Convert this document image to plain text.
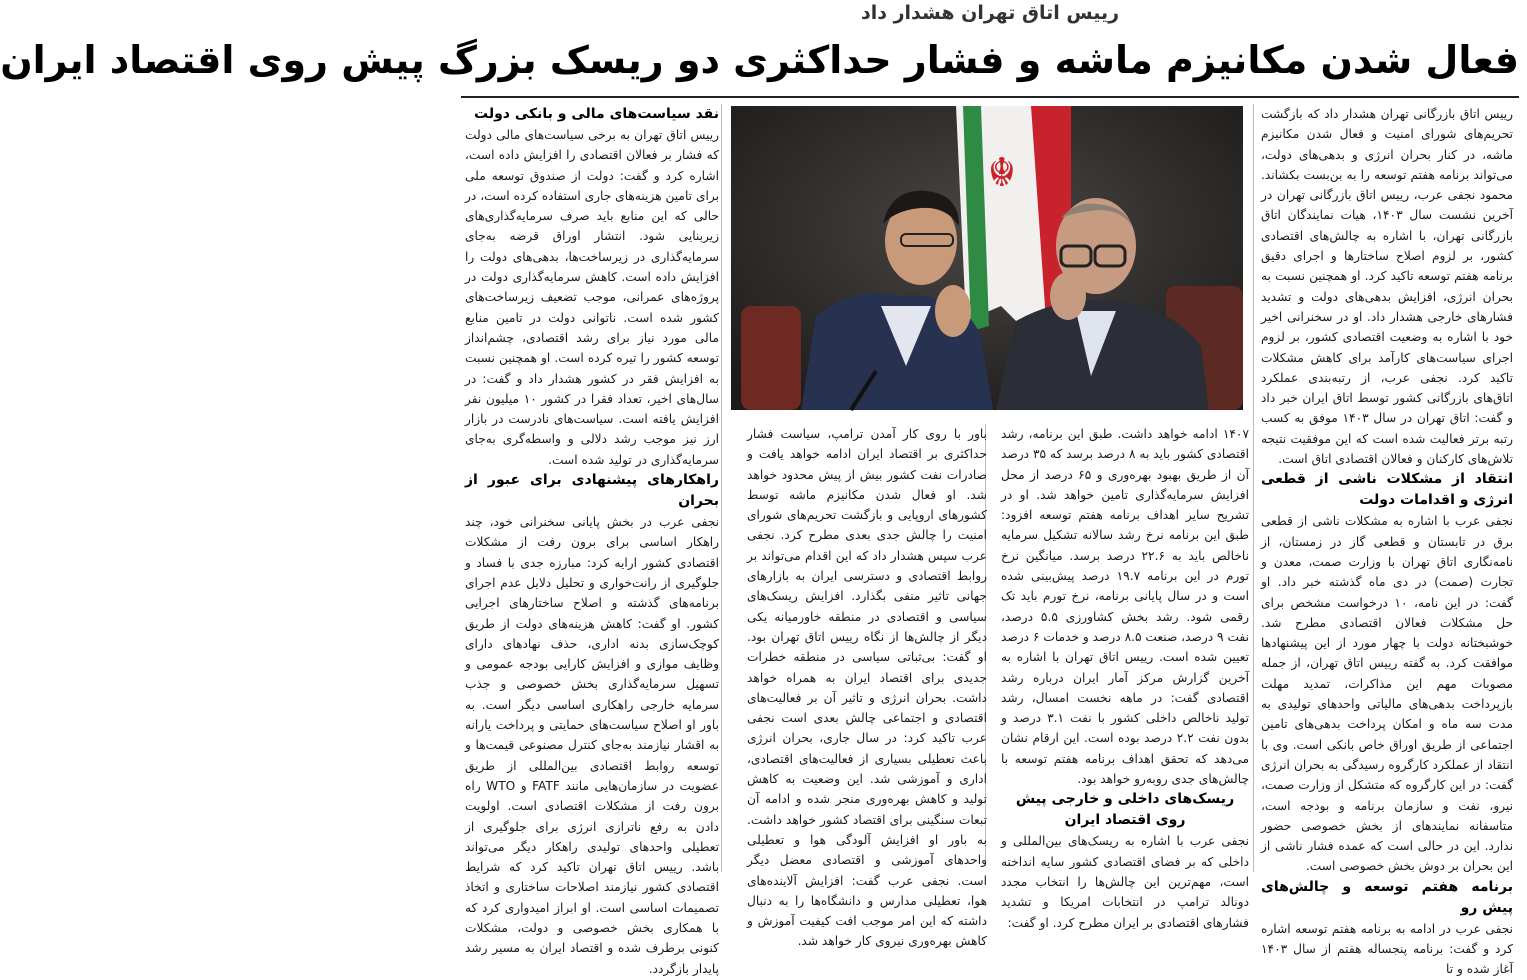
رییس اتاق تهران هشدار داد
فعال شدن مکانیزم ماشه و فشار حداکثری دو ریسک بزرگ پیش روی اقتصاد ایران

رییس اتاق بازرگانی تهران هشدار داد که بازگشت تحریم‌های شورای امنیت و فعال شدن مکانیزم ماشه، در کنار بحران انرژی و بدهی‌های دولت، می‌تواند برنامه هفتم توسعه را به بن‌بست بکشاند. محمود نجفی عرب، رییس اتاق بازرگانی تهران در آخرین نشست سال ۱۴۰۳، هیات نمایندگان اتاق بازرگانی تهران، با اشاره به چالش‌های اقتصادی کشور، بر لزوم اصلاح ساختارها و اجرای دقیق برنامه هفتم توسعه تاکید کرد. او همچنین نسبت به بحران انرژی، افزایش بدهی‌های دولت و تشدید فشارهای خارجی هشدار داد. او در سخنرانی اخیر خود با اشاره به وضعیت اقتصادی کشور، بر لزوم اجرای سیاست‌های کارآمد برای کاهش مشکلات تاکید کرد. نجفی عرب، از رتبه‌بندی عملکرد اتاق‌های بازرگانی کشور توسط اتاق ایران خبر داد و گفت: اتاق تهران در سال ۱۴۰۳ موفق به کسب رتبه برتر فعالیت شده است که این موفقیت نتیجه تلاش‌های کارکنان و فعالان اقتصادی اتاق است.

انتقاد از مشکلات ناشی از قطعی انرژی و اقدامات دولت

نجفی عرب با اشاره به مشکلات ناشی از قطعی برق در تابستان و قطعی گاز در زمستان، از نامه‌نگاری اتاق تهران با وزارت صمت، معدن و تجارت (صمت) در دی ماه گذشته خبر داد. او گفت: در این نامه، ۱۰ درخواست مشخص برای حل مشکلات فعالان اقتصادی مطرح شد. خوشبختانه دولت با چهار مورد از این پیشنهادها موافقت کرد. به گفته رییس اتاق تهران، از جمله مصوبات مهم این مذاکرات، تمدید مهلت بازپرداخت بدهی‌های مالیاتی واحدهای تولیدی به مدت سه ماه و امکان پرداخت بدهی‌های تامین اجتماعی از طریق اوراق خاص بانکی است. وی با انتقاد از عملکرد کارگروه رسیدگی به بحران انرژی گفت: در این کارگروه که متشکل از وزارت صمت، نیرو، نفت و سازمان برنامه و بودجه است، متاسفانه نمایندهای از بخش خصوصی حضور ندارد. این در حالی است که عمده فشار ناشی از این بحران بر دوش بخش خصوصی است.

برنامه هفتم توسعه و چالش‌های پیش رو

نجفی عرب در ادامه به برنامه هفتم توسعه اشاره کرد و گفت: برنامه پنجساله هفتم از سال ۱۴۰۳ آغاز شده و تا

☬

۱۴۰۷ ادامه خواهد داشت. طبق این برنامه، رشد اقتصادی کشور باید به ۸ درصد برسد که ۳۵ درصد آن از طریق بهبود بهره‌وری و ۶۵ درصد از محل افزایش سرمایه‌گذاری تامین خواهد شد. او در تشریح سایر اهداف برنامه هفتم توسعه افزود: طبق این برنامه نرخ رشد سالانه تشکیل سرمایه ناخالص باید به ۲۲.۶ درصد برسد. میانگین نرخ تورم در این برنامه ۱۹.۷ درصد پیش‌بینی شده است و در سال پایانی برنامه، نرخ تورم باید تک رقمی شود. رشد بخش کشاورزی ۵.۵ درصد، نفت ۹ درصد، صنعت ۸.۵ درصد و خدمات ۶ درصد تعیین شده است. رییس اتاق تهران با اشاره به آخرین گزارش مرکز آمار ایران درباره رشد اقتصادی گفت: در ماهه نخست امسال، رشد تولید ناخالص داخلی کشور با نفت ۳.۱ درصد و بدون نفت ۲.۲ درصد بوده است. این ارقام نشان می‌دهد که تحقق اهداف برنامه هفتم توسعه با چالش‌های جدی روبه‌رو خواهد بود.

ریسک‌های داخلی و خارجی پیش روی اقتصاد ایران

نجفی عرب با اشاره به ریسک‌های بین‌المللی و داخلی که بر فضای اقتصادی کشور سایه انداخته است، مهم‌ترین این چالش‌ها را انتخاب مجدد دونالد ترامپ در انتخابات امریکا و تشدید فشارهای اقتصادی بر ایران مطرح کرد. او گفت:

باور با روی کار آمدن ترامپ، سیاست فشار حداکثری بر اقتصاد ایران ادامه خواهد یافت و صادرات نفت کشور بیش از پیش محدود خواهد شد. او فعال شدن مکانیزم ماشه توسط کشورهای اروپایی و بازگشت تحریم‌های شورای امنیت را چالش جدی بعدی مطرح کرد. نجفی عرب سپس هشدار داد که این اقدام می‌تواند بر روابط اقتصادی و دسترسی ایران به بازارهای جهانی تاثیر منفی بگذارد. افزایش ریسک‌های سیاسی و اقتصادی در منطقه خاورمیانه یکی دیگر از چالش‌ها از نگاه رییس اتاق تهران بود. او گفت: بی‌ثباتی سیاسی در منطقه خطرات جدیدی برای اقتصاد ایران به همراه خواهد داشت. بحران انرژی و تاثیر آن بر فعالیت‌های اقتصادی و اجتماعی چالش بعدی است نجفی عرب تاکید کرد: در سال جاری، بحران انرژی باعث تعطیلی بسیاری از فعالیت‌های اقتصادی، اداری و آموزشی شد. این وضعیت به کاهش تولید و کاهش بهره‌وری منجر شده و ادامه آن تبعات سنگینی برای اقتصاد کشور خواهد داشت. به باور او افزایش آلودگی هوا و تعطیلی واحدهای آموزشی و اقتصادی معضل دیگر است. نجفی عرب گفت: افزایش آلاینده‌های هوا، تعطیلی مدارس و دانشگاه‌ها را به دنبال داشته که این امر موجب افت کیفیت آموزش و کاهش بهره‌وری نیروی کار خواهد شد.

نقد سیاست‌های مالی و بانکی دولت

رییس اتاق تهران به برخی سیاست‌های مالی دولت که فشار بر فعالان اقتصادی را افزایش داده است، اشاره کرد و گفت: دولت از صندوق توسعه ملی برای تامین هزینه‌های جاری استفاده کرده است، در حالی که این منابع باید صرف سرمایه‌گذاری‌های زیربنایی شود. انتشار اوراق قرضه به‌جای سرمایه‌گذاری در زیرساخت‌ها، بدهی‌های دولت را افزایش داده است. کاهش سرمایه‌گذاری دولت در پروژه‌های عمرانی، موجب تضعیف زیرساخت‌های کشور شده است. ناتوانی دولت در تامین منابع مالی مورد نیاز برای رشد اقتصادی، چشم‌انداز توسعه کشور را تیره کرده است. او همچنین نسبت به افزایش فقر در کشور هشدار داد و گفت: در سال‌های اخیر، تعداد فقرا در کشور ۱۰ میلیون نفر افزایش یافته است. سیاست‌های نادرست در بازار ارز نیز موجب رشد دلالی و واسطه‌گری به‌جای سرمایه‌گذاری در تولید شده است.

راهکارهای پیشنهادی برای عبور از بحران

نجفی عرب در بخش پایانی سخنرانی خود، چند راهکار اساسی برای برون رفت از مشکلات اقتصادی کشور ارایه کرد: مبارزه جدی با فساد و جلوگیری از رانت‌خواری و تحلیل دلایل عدم اجرای برنامه‌های گذشته و اصلاح ساختارهای اجرایی کشور. او گفت: کاهش هزینه‌های دولت از طریق کوچک‌سازی بدنه اداری، حذف نهادهای دارای وظایف موازی و افزایش کارایی بودجه عمومی و تسهیل سرمایه‌گذاری بخش خصوصی و جذب سرمایه خارجی راهکاری اساسی دیگر است. به باور او اصلاح سیاست‌های حمایتی و پرداخت یارانه به اقشار نیازمند به‌جای کنترل مصنوعی قیمت‌ها و توسعه روابط اقتصادی بین‌المللی از طریق عضویت در سازمان‌هایی مانند FATF و WTO راه برون رفت از مشکلات اقتصادی است. اولویت دادن به رفع ناترازی انرژی برای جلوگیری از تعطیلی واحدهای تولیدی راهکار دیگر می‌تواند باشد. رییس اتاق تهران تاکید کرد که شرایط اقتصادی کشور نیازمند اصلاحات ساختاری و اتخاذ تصمیمات اساسی است. او ابراز امیدواری کرد که با همکاری بخش خصوصی و دولت، مشکلات کنونی برطرف شده و اقتصاد ایران به مسیر رشد پایدار بازگردد.
